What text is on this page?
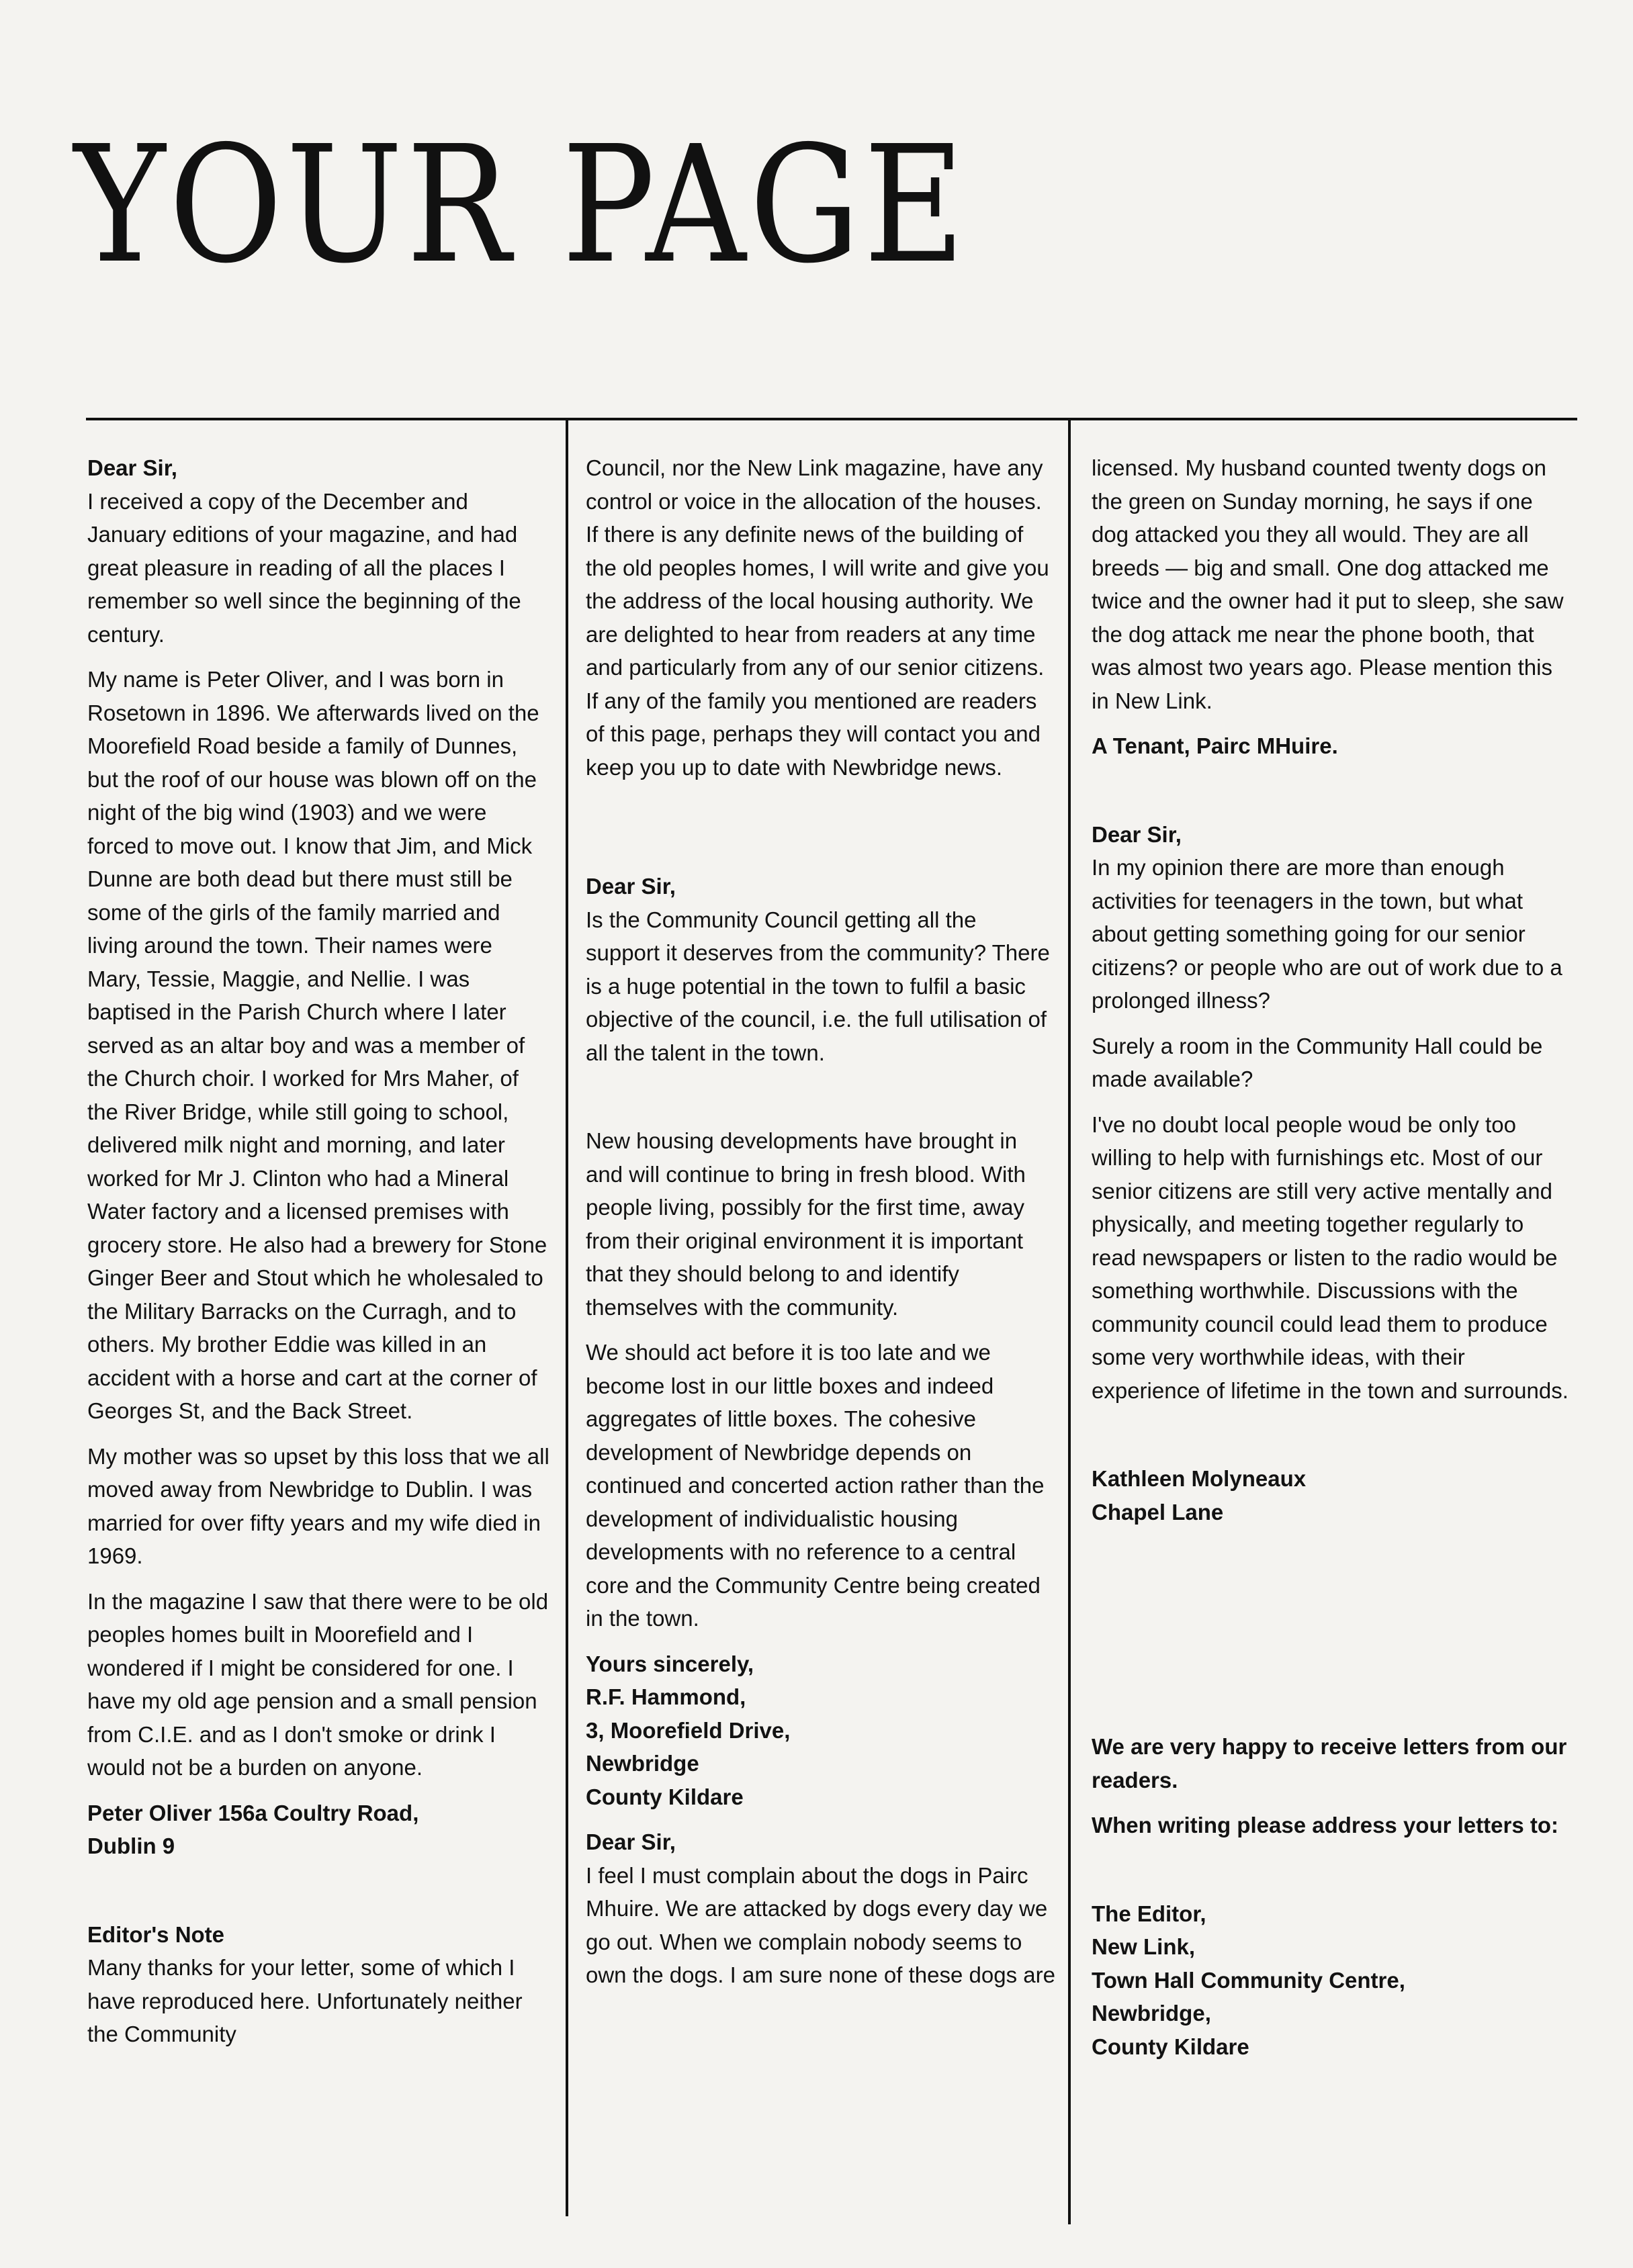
YOUR PAGE

Dear Sir,

I received a copy of the December and January editions of your magazine, and had great pleasure in reading of all the places I remember so well since the beginning of the century.

My name is Peter Oliver, and I was born in Rosetown in 1896. We afterwards lived on the Moorefield Road beside a family of Dunnes, but the roof of our house was blown off on the night of the big wind (1903) and we were forced to move out. I know that Jim, and Mick Dunne are both dead but there must still be some of the girls of the family married and living around the town. Their names were Mary, Tessie, Maggie, and Nellie. I was baptised in the Parish Church where I later served as an altar boy and was a member of the Church choir. I worked for Mrs Maher, of the River Bridge, while still going to school, delivered milk night and morning, and later worked for Mr J. Clinton who had a Mineral Water factory and a licensed premises with grocery store. He also had a brewery for Stone Ginger Beer and Stout which he wholesaled to the Military Barracks on the Curragh, and to others. My brother Eddie was killed in an accident with a horse and cart at the corner of Georges St, and the Back Street.

My mother was so upset by this loss that we all moved away from Newbridge to Dublin. I was married for over fifty years and my wife died in 1969.

In the magazine I saw that there were to be old peoples homes built in Moorefield and I wondered if I might be considered for one. I have my old age pension and a small pension from C.I.E. and as I don't smoke or drink I would not be a burden on anyone.

Peter Oliver 156a Coultry Road,

Dublin 9

Editor's Note

Many thanks for your letter, some of which I have reproduced here. Unfortunately neither the Community

Council, nor the New Link magazine, have any control or voice in the allocation of the houses. If there is any definite news of the building of the old peoples homes, I will write and give you the address of the local housing authority. We are delighted to hear from readers at any time and particularly from any of our senior citizens. If any of the family you mentioned are readers of this page, perhaps they will contact you and keep you up to date with Newbridge news.

Dear Sir,

Is the Community Council getting all the support it deserves from the community? There is a huge potential in the town to fulfil a basic objective of the council, i.e. the full utilisation of all the talent in the town.

New housing developments have brought in and will continue to bring in fresh blood. With people living, possibly for the first time, away from their original environment it is important that they should belong to and identify themselves with the community.

We should act before it is too late and we become lost in our little boxes and indeed aggregates of little boxes. The cohesive development of Newbridge depends on continued and concerted action rather than the development of individualistic housing developments with no reference to a central core and the Community Centre being created in the town.

Yours sincerely,

R.F. Hammond,

3, Moorefield Drive,

Newbridge

County Kildare

Dear Sir,

I feel I must complain about the dogs in Pairc Mhuire. We are attacked by dogs every day we go out. When we complain nobody seems to own the dogs. I am sure none of these dogs are

licensed. My husband counted twenty dogs on the green on Sunday morning, he says if one dog attacked you they all would. They are all breeds — big and small. One dog attacked me twice and the owner had it put to sleep, she saw the dog attack me near the phone booth, that was almost two years ago. Please mention this in New Link.

A Tenant, Pairc MHuire.

Dear Sir,

In my opinion there are more than enough activities for teenagers in the town, but what about getting something going for our senior citizens? or people who are out of work due to a prolonged illness?

Surely a room in the Community Hall could be made available?

I've no doubt local people woud be only too willing to help with furnishings etc. Most of our senior citizens are still very active mentally and physically, and meeting together regularly to read newspapers or listen to the radio would be something worthwhile. Discussions with the community council could lead them to produce some very worthwhile ideas, with their experience of lifetime in the town and surrounds.

Kathleen Molyneaux

Chapel Lane

We are very happy to receive letters from our readers.

When writing please address your letters to:

The Editor,

New Link,

Town Hall Community Centre,

Newbridge,

County Kildare
